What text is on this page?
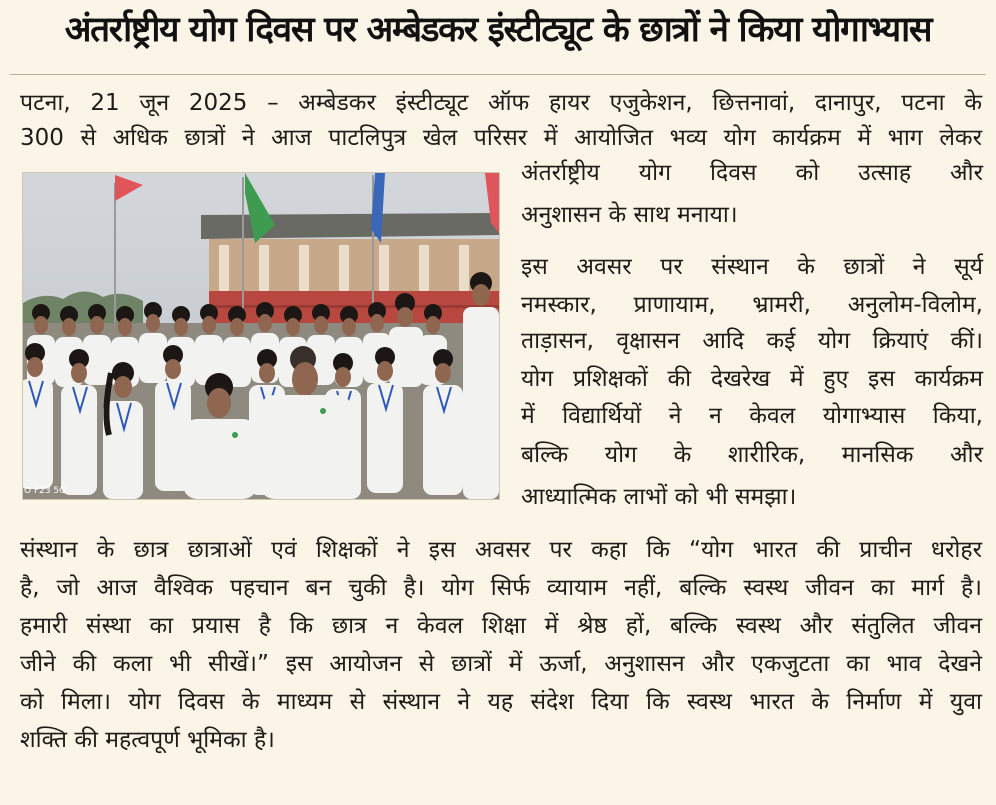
अंतर्राष्ट्रीय योग दिवस पर अम्बेडकर इंस्टीट्यूट के छात्रों ने किया योगाभ्यास
पटना, 21 जून 2025 – अम्बेडकर इंस्टीट्यूट ऑफ हायर एजुकेशन, छित्तनावां, दानापुर, पटना के
300 से अधिक छात्रों ने आज पाटलिपुत्र खेल परिसर में आयोजित भव्य योग कार्यक्रम में भाग लेकर
O F23 5G
अंतर्राष्ट्रीय योग दिवस को उत्साह और
अनुशासन के साथ मनाया।
इस अवसर पर संस्थान के छात्रों ने सूर्य
नमस्कार, प्राणायाम, भ्रामरी, अनुलोम-विलोम,
ताड़ासन, वृक्षासन आदि कई योग क्रियाएं कीं।
योग प्रशिक्षकों की देखरेख में हुए इस कार्यक्रम
में विद्यार्थियों ने न केवल योगाभ्यास किया,
बल्कि योग के शारीरिक, मानसिक और
आध्यात्मिक लाभों को भी समझा।
संस्थान के छात्र छात्राओं एवं शिक्षकों ने इस अवसर पर कहा कि “योग भारत की प्राचीन धरोहर
है, जो आज वैश्विक पहचान बन चुकी है। योग सिर्फ व्यायाम नहीं, बल्कि स्वस्थ जीवन का मार्ग है।
हमारी संस्था का प्रयास है कि छात्र न केवल शिक्षा में श्रेष्ठ हों, बल्कि स्वस्थ और संतुलित जीवन
जीने की कला भी सीखें।” इस आयोजन से छात्रों में ऊर्जा, अनुशासन और एकजुटता का भाव देखने
को मिला। योग दिवस के माध्यम से संस्थान ने यह संदेश दिया कि स्वस्थ भारत के निर्माण में युवा
शक्ति की महत्वपूर्ण भूमिका है।
